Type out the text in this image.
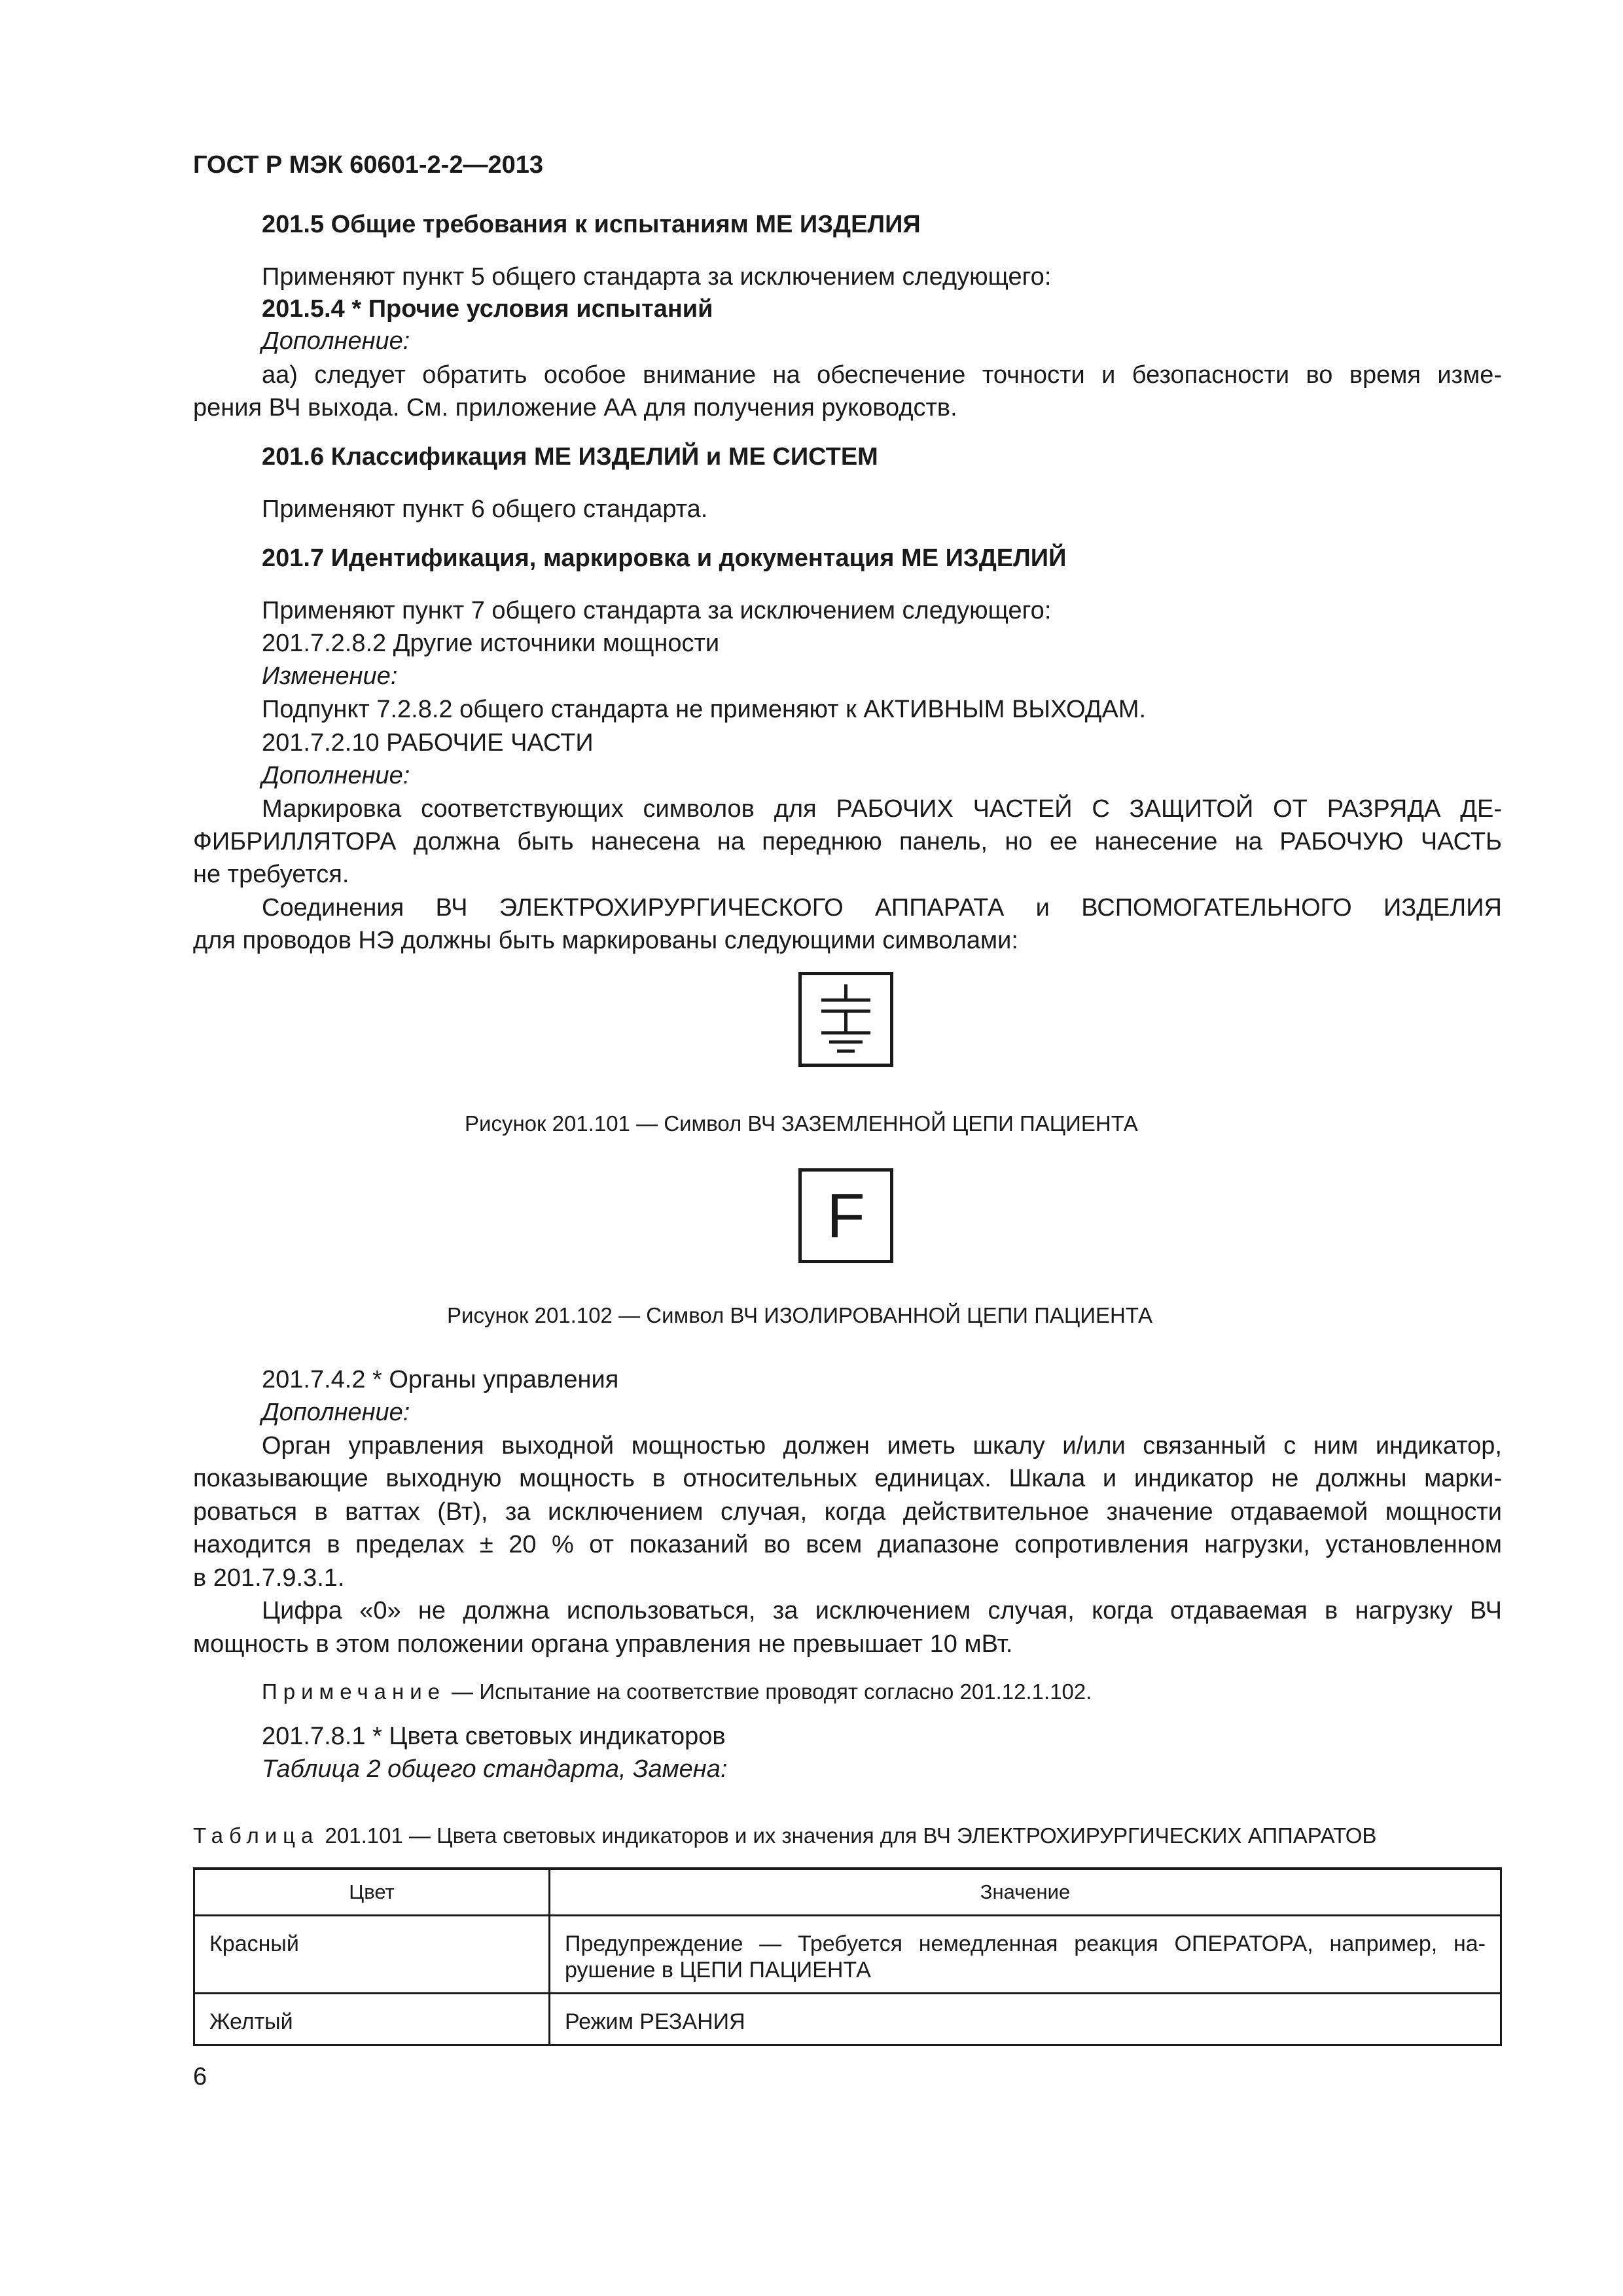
ГОСТ Р МЭК 60601-2-2—2013
201.5 Общие требования к испытаниям МЕ ИЗДЕЛИЯ
Применяют пункт 5 общего стандарта за исключением следующего:
201.5.4 * Прочие условия испытаний
Дополнение:
аа) следует обратить особое внимание на обеспечение точности и безопасности во время изме-
рения ВЧ выхода. См. приложение АА для получения руководств.
201.6 Классификация МЕ ИЗДЕЛИЙ и МЕ СИСТЕМ
Применяют пункт 6 общего стандарта.
201.7 Идентификация, маркировка и документация МЕ ИЗДЕЛИЙ
Применяют пункт 7 общего стандарта за исключением следующего:
201.7.2.8.2 Другие источники мощности
Изменение:
Подпункт 7.2.8.2 общего стандарта не применяют к АКТИВНЫМ ВЫХОДАМ.
201.7.2.10 РАБОЧИЕ ЧАСТИ
Дополнение:
Маркировка соответствующих символов для РАБОЧИХ ЧАСТЕЙ С ЗАЩИТОЙ ОТ РАЗРЯДА ДЕ-
ФИБРИЛЛЯТОРА должна быть нанесена на переднюю панель, но ее нанесение на РАБОЧУЮ ЧАСТЬ
не требуется.
Соединения ВЧ ЭЛЕКТРОХИРУРГИЧЕСКОГО АППАРАТА и ВСПОМОГАТЕЛЬНОГО ИЗДЕЛИЯ
для проводов НЭ должны быть маркированы следующими символами:
Рисунок 201.101 — Символ ВЧ ЗАЗЕМЛЕННОЙ ЦЕПИ ПАЦИЕНТА
F
Рисунок 201.102 — Символ ВЧ ИЗОЛИРОВАННОЙ ЦЕПИ ПАЦИЕНТА
201.7.4.2 * Органы управления
Дополнение:
Орган управления выходной мощностью должен иметь шкалу и/или связанный с ним индикатор,
показывающие выходную мощность в относительных единицах. Шкала и индикатор не должны марки-
роваться в ваттах (Вт), за исключением случая, когда действительное значение отдаваемой мощности
находится в пределах ± 20 % от показаний во всем диапазоне сопротивления нагрузки, установленном
в 201.7.9.3.1.
Цифра «0» не должна использоваться, за исключением случая, когда отдаваемая в нагрузку ВЧ
мощность в этом положении органа управления не превышает 10 мВт.
Примечание — Испытание на соответствие проводят согласно 201.12.1.102.
201.7.8.1 * Цвета световых индикаторов
Таблица 2 общего стандарта, Замена:
Таблица 201.101 — Цвета световых индикаторов и их значения для ВЧ ЭЛЕКТРОХИРУРГИЧЕСКИХ АППАРАТОВ
Цвет	Значение
Красный	Предупреждение — Требуется немедленная реакция ОПЕРАТОРА, например, на-
рушение в ЦЕПИ ПАЦИЕНТА

Желтый	Режим РЕЗАНИЯ
6
